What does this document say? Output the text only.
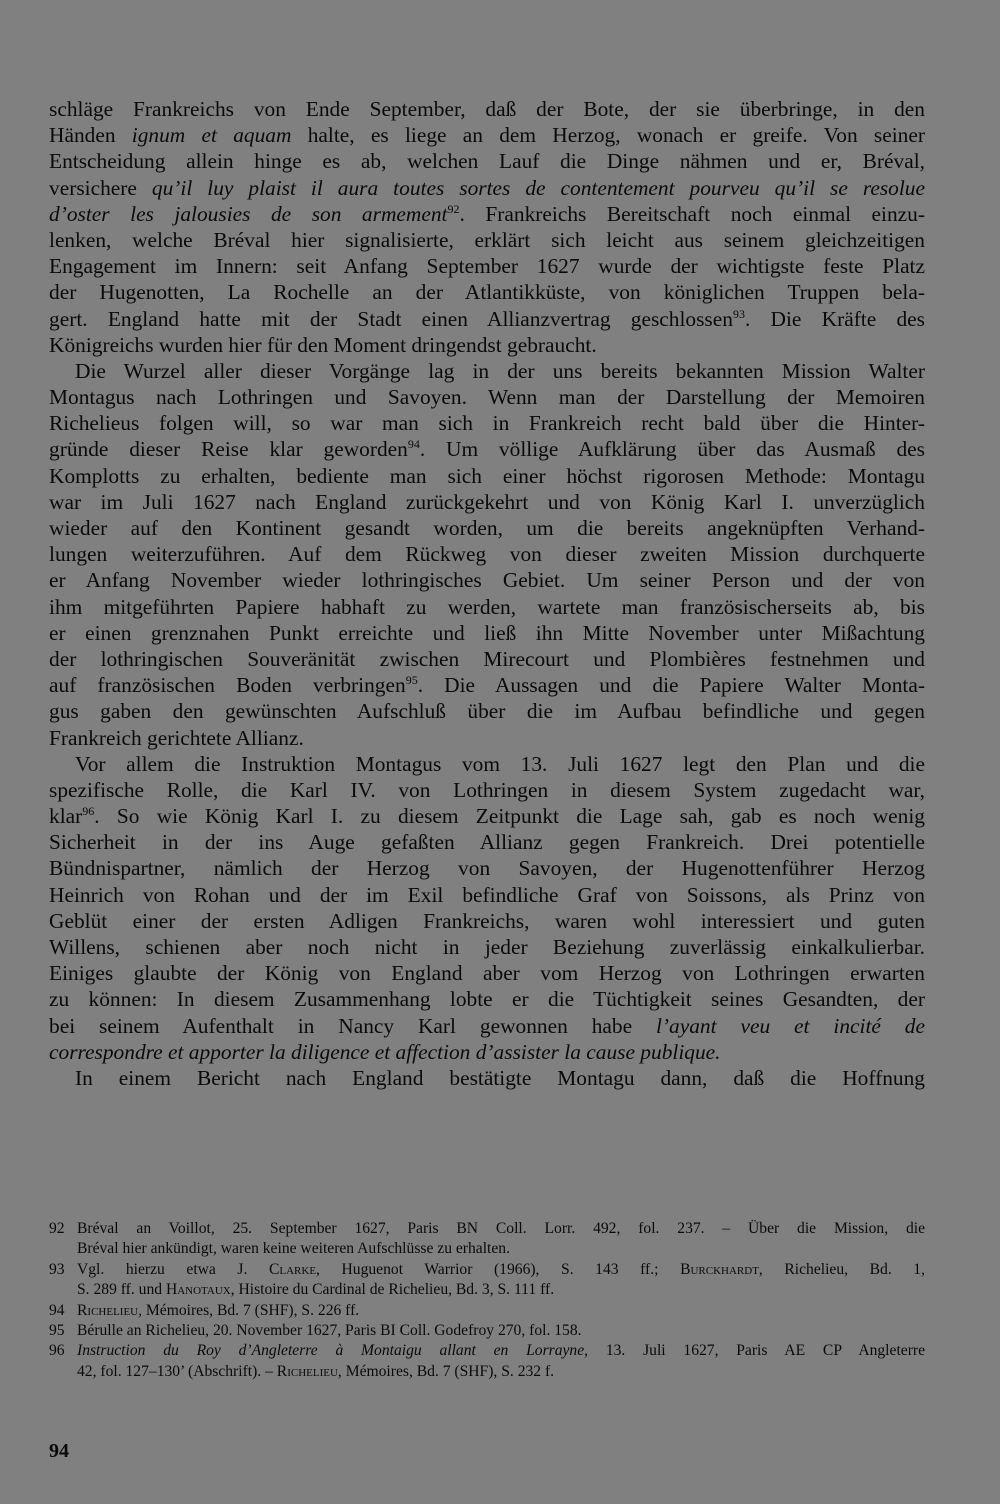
schläge Frankreichs von Ende September, daß der Bote, der sie überbringe, in den
Händen ignum et aquam halte, es liege an dem Herzog, wonach er greife. Von seiner
Entscheidung allein hinge es ab, welchen Lauf die Dinge nähmen und er, Bréval,
versichere qu’il luy plaist il aura toutes sortes de contentement pourveu qu’il se resolue
d’oster les jalousies de son armement$^{92}$. Frankreichs Bereitschaft noch einmal einzu-
lenken, welche Bréval hier signalisierte, erklärt sich leicht aus seinem gleichzeitigen
Engagement im Innern: seit Anfang September 1627 wurde der wichtigste feste Platz
der Hugenotten, La Rochelle an der Atlantikküste, von königlichen Truppen bela-
gert. England hatte mit der Stadt einen Allianzvertrag geschlossen$^{93}$. Die Kräfte des
Königreichs wurden hier für den Moment dringendst gebraucht.
Die Wurzel aller dieser Vorgänge lag in der uns bereits bekannten Mission Walter
Montagus nach Lothringen und Savoyen. Wenn man der Darstellung der Memoiren
Richelieus folgen will, so war man sich in Frankreich recht bald über die Hinter-
gründe dieser Reise klar geworden$^{94}$. Um völlige Aufklärung über das Ausmaß des
Komplotts zu erhalten, bediente man sich einer höchst rigorosen Methode: Montagu
war im Juli 1627 nach England zurückgekehrt und von König Karl I. unverzüglich
wieder auf den Kontinent gesandt worden, um die bereits angeknüpften Verhand-
lungen weiterzuführen. Auf dem Rückweg von dieser zweiten Mission durchquerte
er Anfang November wieder lothringisches Gebiet. Um seiner Person und der von
ihm mitgeführten Papiere habhaft zu werden, wartete man französischerseits ab, bis
er einen grenznahen Punkt erreichte und ließ ihn Mitte November unter Mißachtung
der lothringischen Souveränität zwischen Mirecourt und Plombières festnehmen und
auf französischen Boden verbringen$^{95}$. Die Aussagen und die Papiere Walter Monta-
gus gaben den gewünschten Aufschluß über die im Aufbau befindliche und gegen
Frankreich gerichtete Allianz.
Vor allem die Instruktion Montagus vom 13. Juli 1627 legt den Plan und die
spezifische Rolle, die Karl IV. von Lothringen in diesem System zugedacht war,
klar$^{96}$. So wie König Karl I. zu diesem Zeitpunkt die Lage sah, gab es noch wenig
Sicherheit in der ins Auge gefaßten Allianz gegen Frankreich. Drei potentielle
Bündnispartner, nämlich der Herzog von Savoyen, der Hugenottenführer Herzog
Heinrich von Rohan und der im Exil befindliche Graf von Soissons, als Prinz von
Geblüt einer der ersten Adligen Frankreichs, waren wohl interessiert und guten
Willens, schienen aber noch nicht in jeder Beziehung zuverlässig einkalkulierbar.
Einiges glaubte der König von England aber vom Herzog von Lothringen erwarten
zu können: In diesem Zusammenhang lobte er die Tüchtigkeit seines Gesandten, der
bei seinem Aufenthalt in Nancy Karl gewonnen habe l’ayant veu et incité de
correspondre et apporter la diligence et affection d’assister la cause publique.
In einem Bericht nach England bestätigte Montagu dann, daß die Hoffnung
92 Bréval an Voillot, 25. September 1627, Paris BN Coll. Lorr. 492, fol. 237. – Über die Mission, die
Bréval hier ankündigt, waren keine weiteren Aufschlüsse zu erhalten.
93 Vgl. hierzu etwa J. Clarke, Huguenot Warrior (1966), S. 143 ff.; Burckhardt, Richelieu, Bd. 1,
S. 289 ff. und Hanotaux, Histoire du Cardinal de Richelieu, Bd. 3, S. 111 ff.
94 Richelieu, Mémoires, Bd. 7 (SHF), S. 226 ff.
95 Bérulle an Richelieu, 20. November 1627, Paris BI Coll. Godefroy 270, fol. 158.
96 Instruction du Roy d’Angleterre à Montaigu allant en Lorrayne, 13. Juli 1627, Paris AE CP Angleterre
42, fol. 127–130’ (Abschrift). – Richelieu, Mémoires, Bd. 7 (SHF), S. 232 f.
94
